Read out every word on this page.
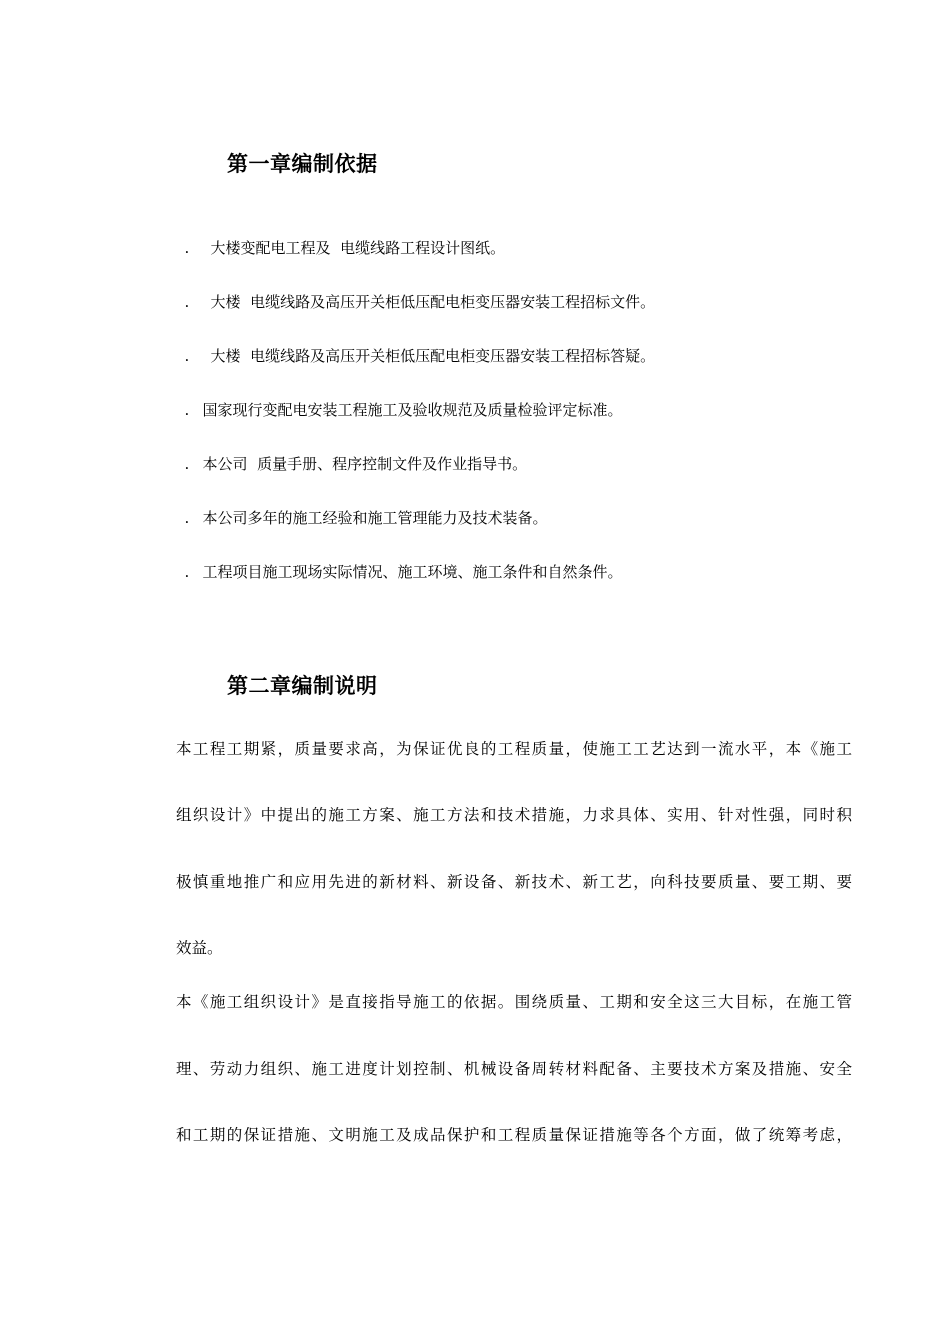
第一章编制依据

. 大楼变配电工程及  电缆线路工程设计图纸。

. 大楼  电缆线路及高压开关柜低压配电柜变压器安装工程招标文件。

. 大楼  电缆线路及高压开关柜低压配电柜变压器安装工程招标答疑。

. 国家现行变配电安装工程施工及验收规范及质量检验评定标准。

. 本公司  质量手册、程序控制文件及作业指导书。

. 本公司多年的施工经验和施工管理能力及技术装备。

. 工程项目施工现场实际情况、施工环境、施工条件和自然条件。

第二章编制说明
本工程工期紧，质量要求高，为保证优良的工程质量，使施工工艺达到一流水平，本《施工
组织设计》中提出的施工方案、施工方法和技术措施，力求具体、实用、针对性强，同时积
极慎重地推广和应用先进的新材料、新设备、新技术、新工艺，向科技要质量、要工期、要
效益。
本《施工组织设计》是直接指导施工的依据。围绕质量、工期和安全这三大目标，在施工管
理、劳动力组织、施工进度计划控制、机械设备周转材料配备、主要技术方案及措施、安全
和工期的保证措施、文明施工及成品保护和工程质量保证措施等各个方面，做了统筹考虑，
